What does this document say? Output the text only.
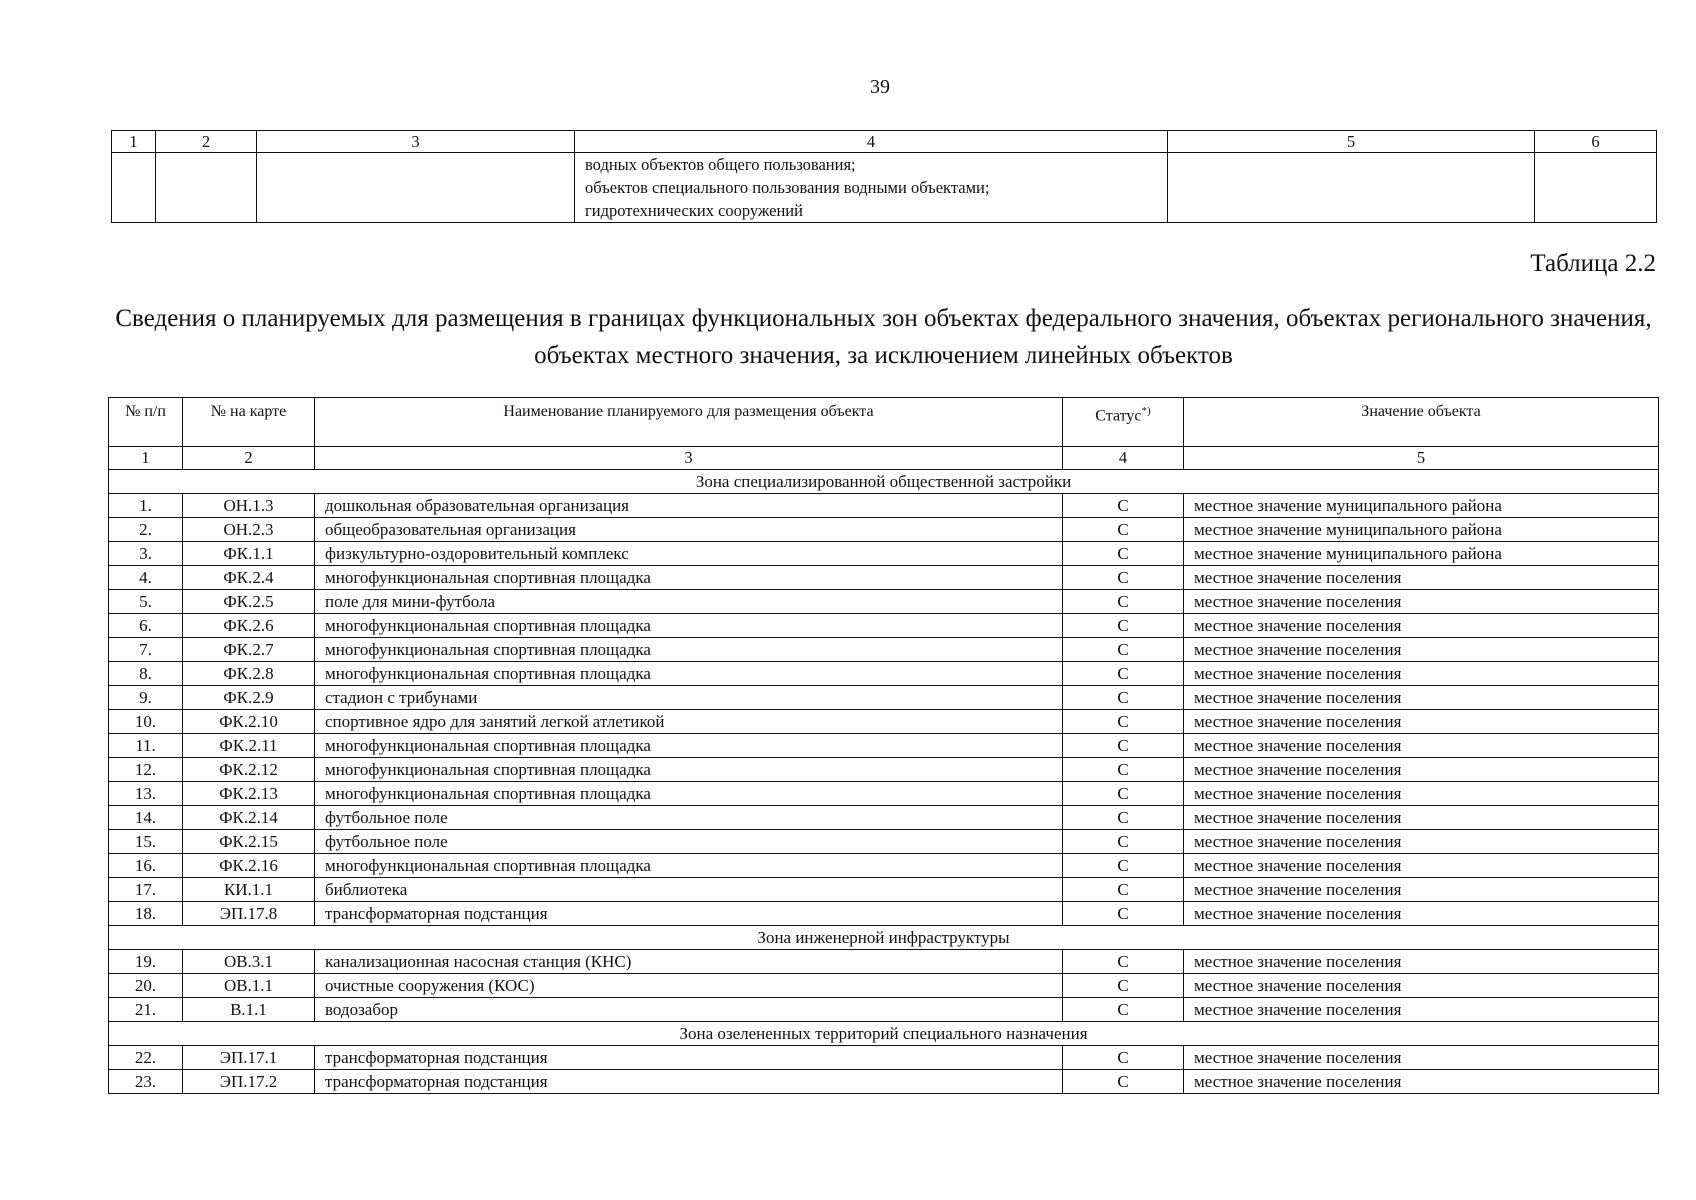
39
1	2	3	4	5	6

			водных объектов общего пользования;
объектов специального пользования водными объектами;
гидротехнических сооружений		

Таблица 2.2
Сведения о планируемых для размещения в границах функциональных зон объектах федерального значения, объектах регионального значения, объектах местного значения, за исключением линейных объектов
№ п/п	№ на карте	Наименование планируемого для размещения объекта	Статус*)	Значение объекта
1	2	3	4	5
Зона специализированной общественной застройки				
1.	ОН.1.3	дошкольная образовательная организация	С	местное значение муниципального района
2.	ОН.2.3	общеобразовательная организация	С	местное значение муниципального района
3.	ФК.1.1	физкультурно-оздоровительный комплекс	С	местное значение муниципального района
4.	ФК.2.4	многофункциональная спортивная площадка	С	местное значение поселения
5.	ФК.2.5	поле для мини-футбола	С	местное значение поселения
6.	ФК.2.6	многофункциональная спортивная площадка	С	местное значение поселения
7.	ФК.2.7	многофункциональная спортивная площадка	С	местное значение поселения
8.	ФК.2.8	многофункциональная спортивная площадка	С	местное значение поселения
9.	ФК.2.9	стадион с трибунами	С	местное значение поселения
10.	ФК.2.10	спортивное ядро для занятий легкой атлетикой	С	местное значение поселения
11.	ФК.2.11	многофункциональная спортивная площадка	С	местное значение поселения
12.	ФК.2.12	многофункциональная спортивная площадка	С	местное значение поселения
13.	ФК.2.13	многофункциональная спортивная площадка	С	местное значение поселения
14.	ФК.2.14	футбольное поле	С	местное значение поселения
15.	ФК.2.15	футбольное поле	С	местное значение поселения
16.	ФК.2.16	многофункциональная спортивная площадка	С	местное значение поселения
17.	КИ.1.1	библиотека	С	местное значение поселения
18.	ЭП.17.8	трансформаторная подстанция	С	местное значение поселения
Зона инженерной инфраструктуры				
19.	ОВ.3.1	канализационная насосная станция (КНС)	С	местное значение поселения
20.	ОВ.1.1	очистные сооружения (КОС)	С	местное значение поселения
21.	В.1.1	водозабор	С	местное значение поселения
Зона озелененных территорий специального назначения				
22.	ЭП.17.1	трансформаторная подстанция	С	местное значение поселения
23.	ЭП.17.2	трансформаторная подстанция	С	местное значение поселения
